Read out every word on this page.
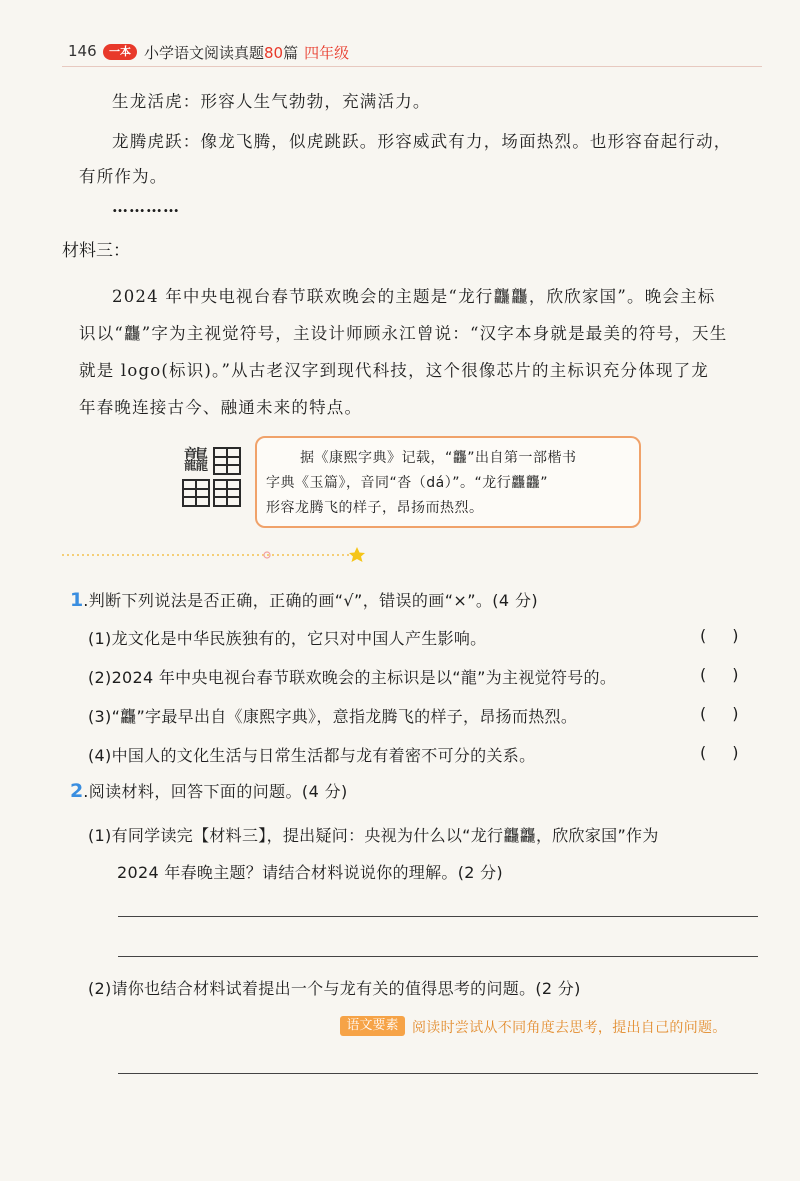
146	一本 小学语文阅读真题80篇 四年级
生龙活虎：形容人生气勃勃，充满活力。
龙腾虎跃：像龙飞腾，似虎跳跃。形容威武有力，场面热烈。也形容奋起行动，
有所作为。
…………
材料三：
2024 年中央电视台春节联欢晚会的主题是“龙行龘龘，欣欣家国”。晚会主标
识以“龘”字为主视觉符号，主设计师顾永江曾说：“汉字本身就是最美的符号，天生
就是 logo(标识)。”从古老汉字到现代科技，这个很像芯片的主标识充分体现了龙
年春晚连接古今、融通未来的特点。
龘	据《康熙字典》记载，“龘”出自第一部楷书
字典《玉篇》，音同“沓（dá）”。“龙行龘龘”
形容龙腾飞的样子，昂扬而热烈。
1.判断下列说法是否正确，正确的画“√”，错误的画“×”。(4 分)
(1)龙文化是中华民族独有的，它只对中国人产生影响。	()
(2)2024 年中央电视台春节联欢晚会的主标识是以“龍”为主视觉符号的。	()
(3)“龘”字最早出自《康熙字典》，意指龙腾飞的样子，昂扬而热烈。	()
(4)中国人的文化生活与日常生活都与龙有着密不可分的关系。	()
2.阅读材料，回答下面的问题。(4 分)
(1)有同学读完【材料三】，提出疑问：央视为什么以“龙行龘龘，欣欣家国”作为
2024 年春晚主题？请结合材料说说你的理解。(2 分)
(2)请你也结合材料试着提出一个与龙有关的值得思考的问题。(2 分)
语文要素 阅读时尝试从不同角度去思考，提出自己的问题。
